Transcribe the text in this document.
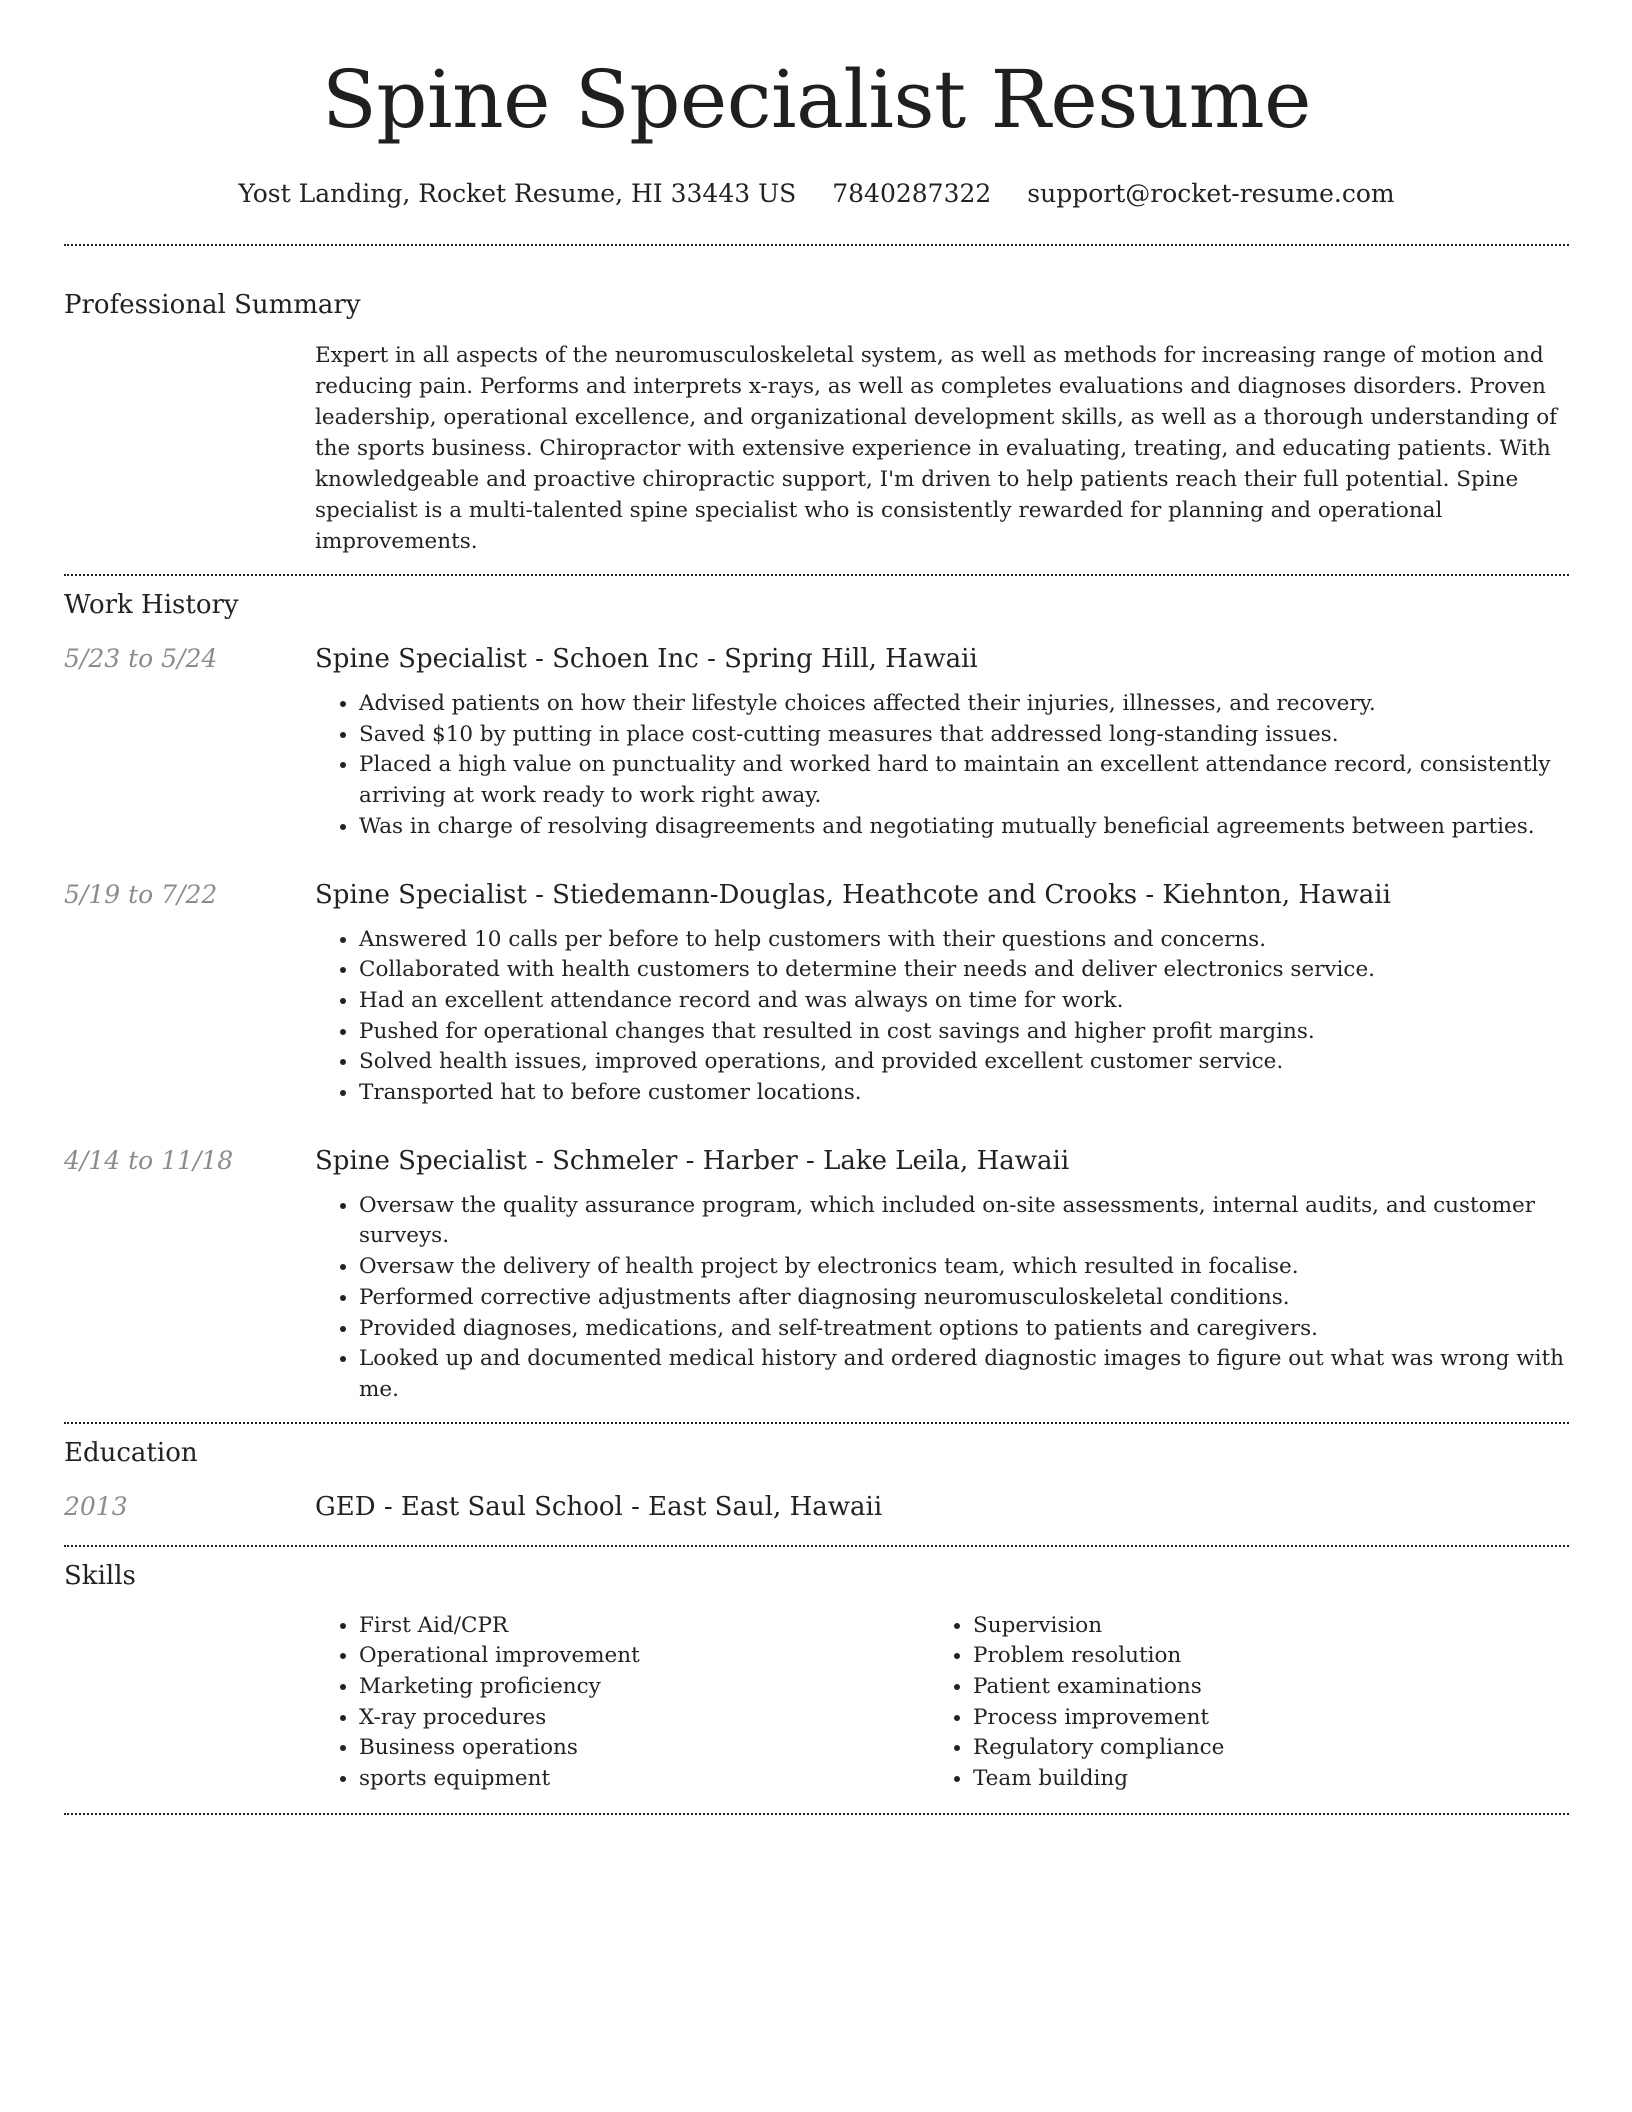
Spine Specialist Resume
Yost Landing, Rocket Resume, HI 33443 US 7840287322 support@rocket-resume.com
Professional Summary
Expert in all aspects of the neuromusculoskeletal system, as well as methods for increasing range of motion and reducing pain. Performs and interprets x-rays, as well as completes evaluations and diagnoses disorders. Proven leadership, operational excellence, and organizational development skills, as well as a thorough understanding of the sports business. Chiropractor with extensive experience in evaluating, treating, and educating patients. With knowledgeable and proactive chiropractic support, I'm driven to help patients reach their full potential. Spine specialist is a multi-talented spine specialist who is consistently rewarded for planning and operational improvements.
Work History
5/23 to 5/24	Spine Specialist - Schoen Inc - Spring Hill, Hawaii
• Advised patients on how their lifestyle choices affected their injuries, illnesses, and recovery.
• Saved $10 by putting in place cost-cutting measures that addressed long-standing issues.
• Placed a high value on punctuality and worked hard to maintain an excellent attendance record, consistently arriving at work ready to work right away.
• Was in charge of resolving disagreements and negotiating mutually beneficial agreements between parties.
5/19 to 7/22	Spine Specialist - Stiedemann-Douglas, Heathcote and Crooks - Kiehnton, Hawaii
• Answered 10 calls per before to help customers with their questions and concerns.
• Collaborated with health customers to determine their needs and deliver electronics service.
• Had an excellent attendance record and was always on time for work.
• Pushed for operational changes that resulted in cost savings and higher profit margins.
• Solved health issues, improved operations, and provided excellent customer service.
• Transported hat to before customer locations.
4/14 to 11/18	Spine Specialist - Schmeler - Harber - Lake Leila, Hawaii
• Oversaw the quality assurance program, which included on-site assessments, internal audits, and customer surveys.
• Oversaw the delivery of health project by electronics team, which resulted in focalise.
• Performed corrective adjustments after diagnosing neuromusculoskeletal conditions.
• Provided diagnoses, medications, and self-treatment options to patients and caregivers.
• Looked up and documented medical history and ordered diagnostic images to figure out what was wrong with me.
Education
2013	GED - East Saul School - East Saul, Hawaii
Skills
• First Aid/CPR
• Operational improvement
• Marketing proficiency
• X-ray procedures
• Business operations
• sports equipment
• Supervision
• Problem resolution
• Patient examinations
• Process improvement
• Regulatory compliance
• Team building
